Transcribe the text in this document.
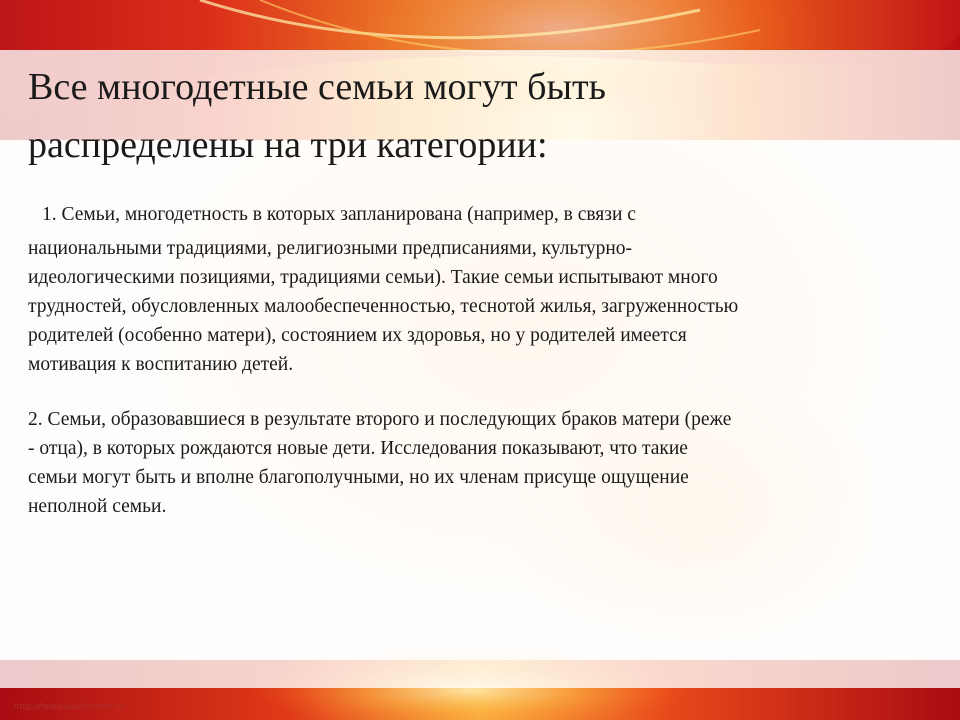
Все многодетные семьи могут быть
распределены на три категории:
1. Семьи, многодетность в которых запланирована (например, в связи с
национальными традициями, религиозными предписаниями, культурно-
идеологическими позициями, традициями семьи). Такие семьи испытывают много
трудностей, обусловленных малообеспеченностью, теснотой жилья, загруженностью
родителей (особенно матери), состоянием их здоровья, но у родителей имеется
мотивация к воспитанию детей.
2. Семьи, образовавшиеся в результате второго и последующих браков матери (реже
- отца), в которых рождаются новые дети. Исследования показывают, что такие
семьи могут быть и вполне благополучными, но их членам присуще ощущение
неполной семьи.
http://fondeinesstonenik.ru/
